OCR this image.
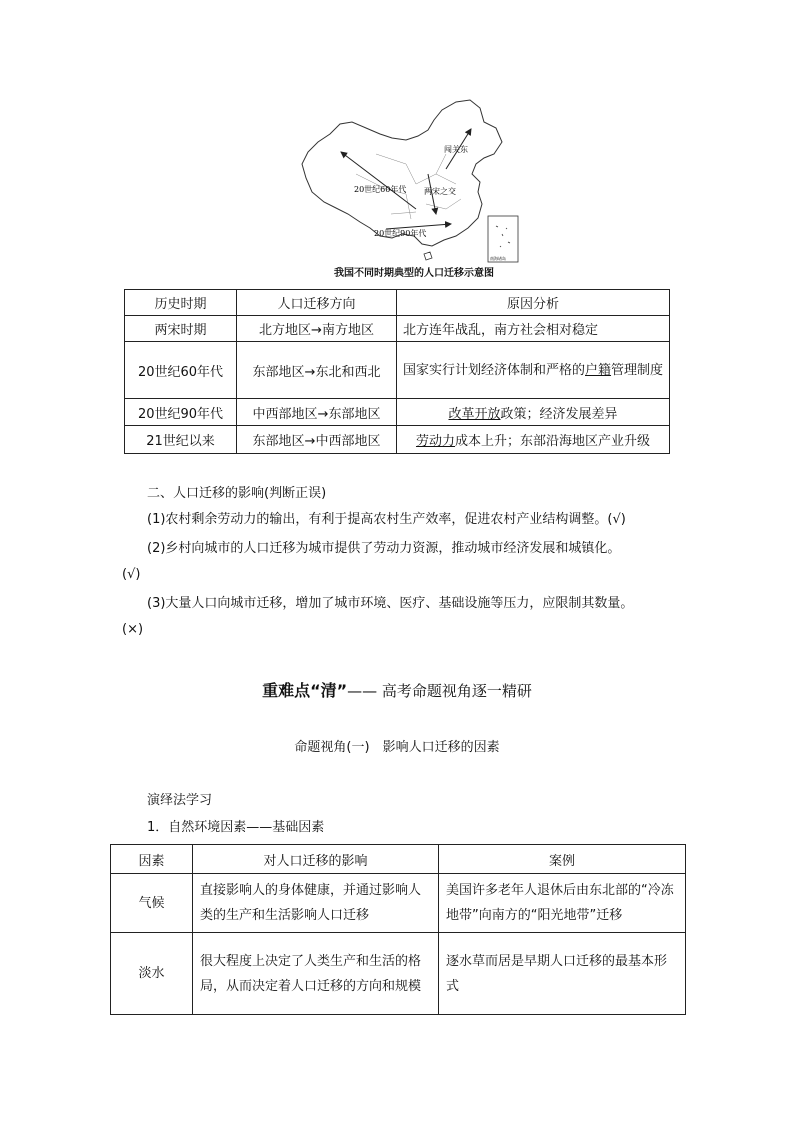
闯关东
20世纪60年代 两宋之交
20世纪90年代
南海诸岛
我国不同时期典型的人口迁移示意图
历史时期	人口迁移方向	原因分析
两宋时期	北方地区→南方地区	北方连年战乱，南方社会相对稳定
20世纪60年代	东部地区→东北和西北	国家实行计划经济体制和严格的户籍管理制度
20世纪90年代	中西部地区→东部地区	改革开放政策；经济发展差异
21世纪以来	东部地区→中西部地区	劳动力成本上升；东部沿海地区产业升级
二、人口迁移的影响(判断正误)
(1)农村剩余劳动力的输出，有利于提高农村生产效率，促进农村产业结构调整。(√)
(2)乡村向城市的人口迁移为城市提供了劳动力资源，推动城市经济发展和城镇化。
(√)
(3)大量人口向城市迁移，增加了城市环境、医疗、基础设施等压力，应限制其数量。
(×)
重难点“清”—— 高考命题视角逐一精研
命题视角(一)　影响人口迁移的因素
演绎法学习
1．自然环境因素——基础因素
因素	对人口迁移的影响	案例
气候	直接影响人的身体健康，并通过影响人类的生产和生活影响人口迁移	美国许多老年人退休后由东北部的“冷冻地带”向南方的“阳光地带”迁移
淡水	很大程度上决定了人类生产和生活的格局，从而决定着人口迁移的方向和规模	逐水草而居是早期人口迁移的最基本形式
